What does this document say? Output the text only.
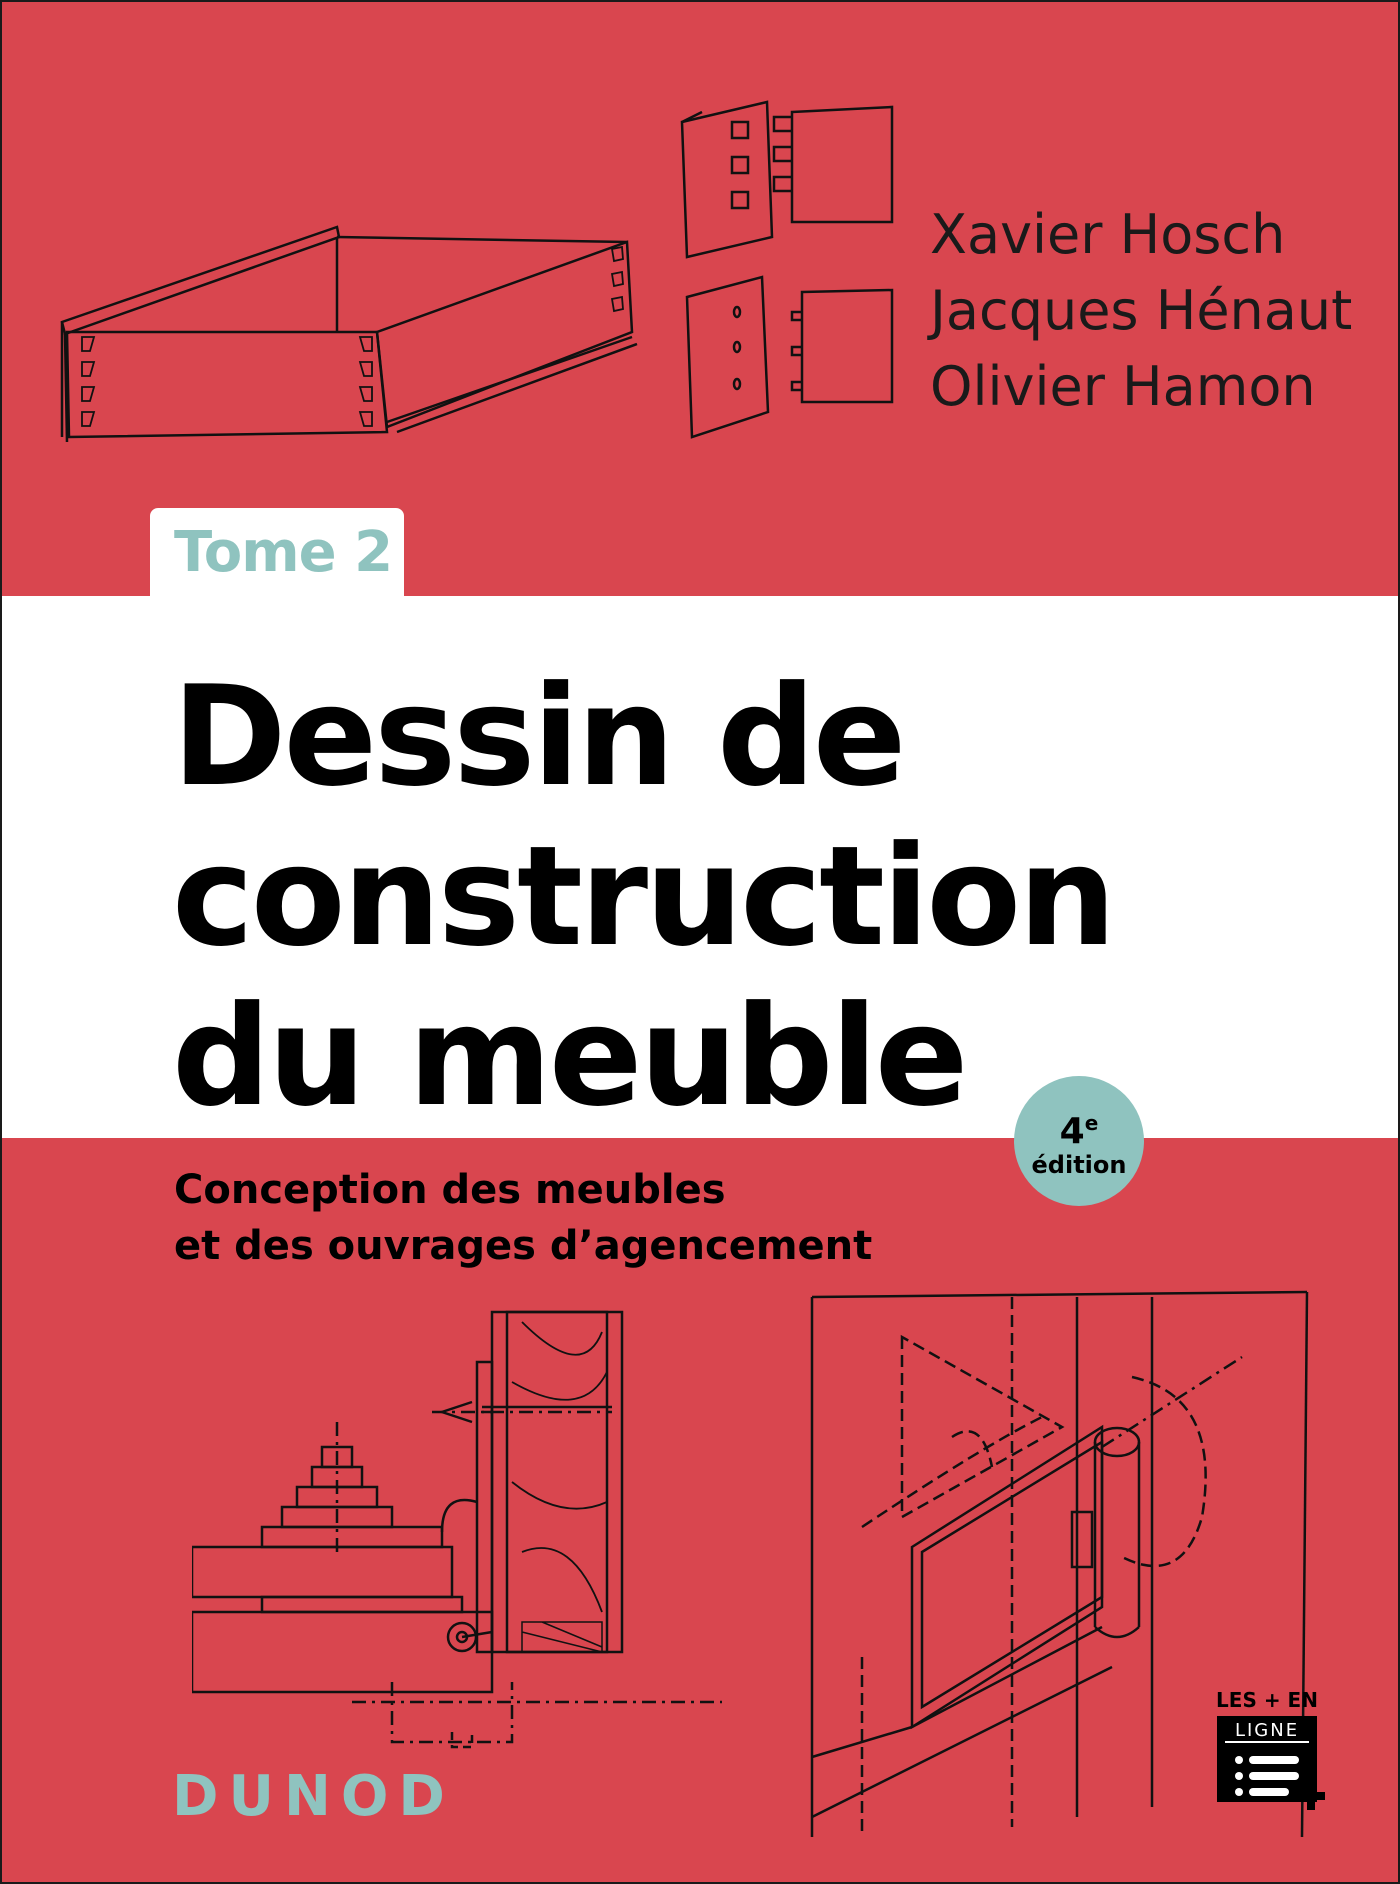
Xavier Hosch
Jacques Hénaut
Olivier Hamon
Tome 2
Dessin de
construction
du meuble	4e
édition
Conception des meubles
et des ouvrages d’agencement
DUNOD
LES + EN
LIGNE
